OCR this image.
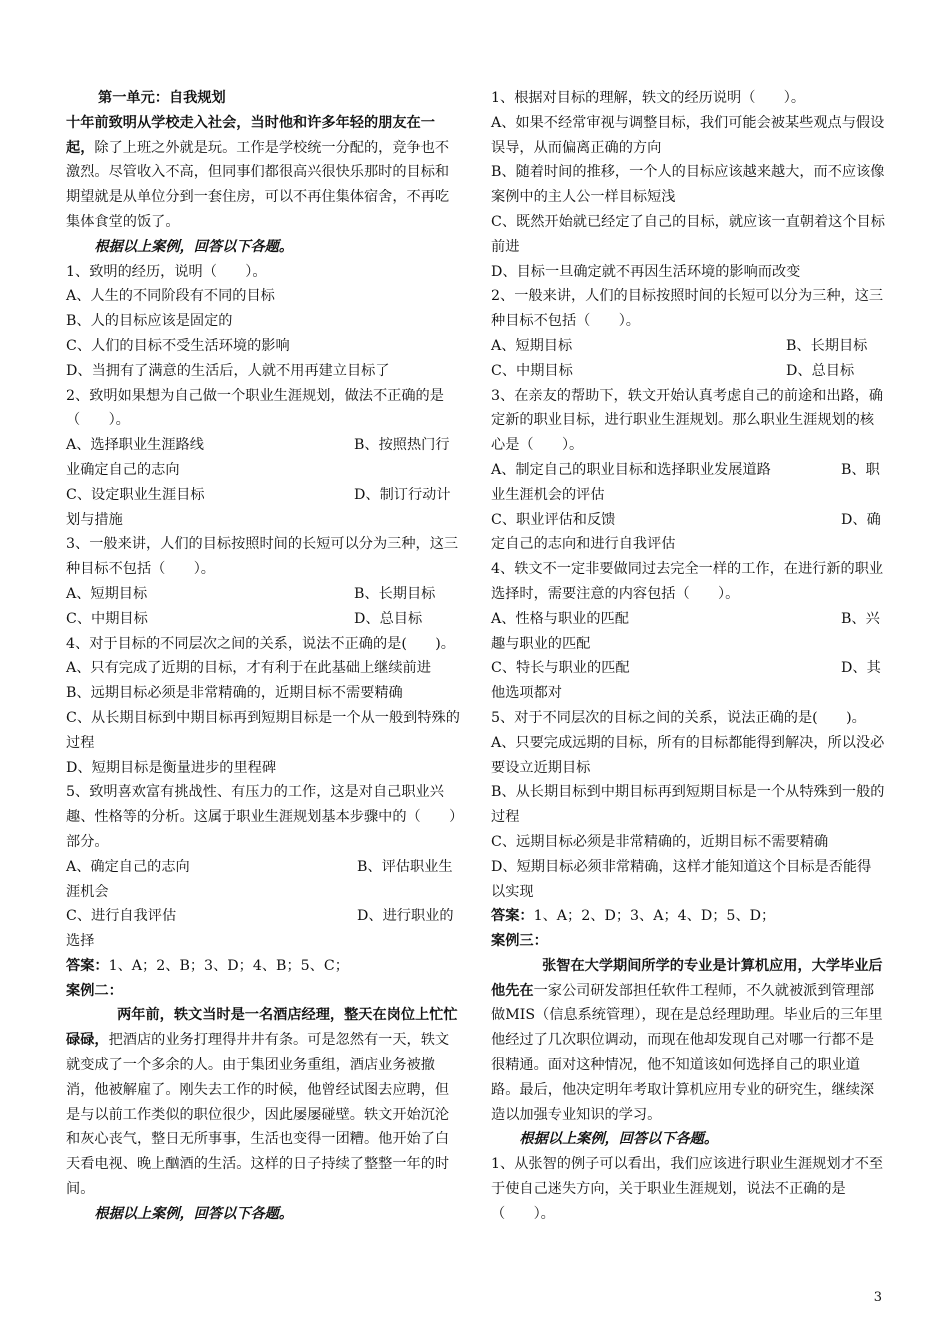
第一单元：自我规划

十年前致明从学校走入社会，当时他和许多年轻的朋友在一起，除了上班之外就是玩。工作是学校统一分配的，竞争也不激烈。尽管收入不高，但同事们都很高兴很快乐那时的目标和期望就是从单位分到一套住房，可以不再住集体宿舍，不再吃集体食堂的饭了。

根据以上案例，回答以下各题。

1、致明的经历，说明（　　）。

A、人生的不同阶段有不同的目标

B、人的目标应该是固定的

C、人们的目标不受生活环境的影响

D、当拥有了满意的生活后，人就不用再建立目标了

2、致明如果想为自己做一个职业生涯规划，做法不正确的是（　　）。

A、选择职业生涯路线	B、按照热门行业确定自己的志向

C、设定职业生涯目标	D、制订行动计划与措施

3、一般来讲，人们的目标按照时间的长短可以分为三种，这三种目标不包括（　　）。

A、短期目标	B、长期目标
C、中期目标	D、总目标

4、对于目标的不同层次之间的关系，说法不正确的是(　　)。

A、只有完成了近期的目标，才有利于在此基础上继续前进

B、远期目标必须是非常精确的，近期目标不需要精确

C、从长期目标到中期目标再到短期目标是一个从一般到特殊的过程

D、短期目标是衡量进步的里程碑

5、致明喜欢富有挑战性、有压力的工作，这是对自己职业兴趣、性格等的分析。这属于职业生涯规划基本步骤中的（　　）部分。

A、确定自己的志向	B、评估职业生涯机会

C、进行自我评估	D、进行职业的选择

答案：1、A；2、B；3、D；4、B；5、C；

案例二：

两年前，轶文当时是一名酒店经理，整天在岗位上忙忙碌碌，把酒店的业务打理得井井有条。可是忽然有一天，轶文就变成了一个多余的人。由于集团业务重组，酒店业务被撤消，他被解雇了。刚失去工作的时候，他曾经试图去应聘，但是与以前工作类似的职位很少，因此屡屡碰壁。轶文开始沉沦和灰心丧气，整日无所事事，生活也变得一团糟。他开始了白天看电视、晚上酗酒的生活。这样的日子持续了整整一年的时间。

根据以上案例，回答以下各题。

1、根据对目标的理解，轶文的经历说明（　　）。

A、如果不经常审视与调整目标，我们可能会被某些观点与假设误导，从而偏离正确的方向

B、随着时间的推移，一个人的目标应该越来越大，而不应该像案例中的主人公一样目标短浅

C、既然开始就已经定了自己的目标，就应该一直朝着这个目标前进

D、目标一旦确定就不再因生活环境的影响而改变

2、一般来讲，人们的目标按照时间的长短可以分为三种，这三种目标不包括（　　）。

A、短期目标	B、长期目标
C、中期目标	D、总目标

3、在亲友的帮助下，轶文开始认真考虑自己的前途和出路，确定新的职业目标，进行职业生涯规划。那么职业生涯规划的核心是（　　）。

A、制定自己的职业目标和选择职业发展道路	B、职业生涯机会的评估

C、职业评估和反馈	D、确定自己的志向和进行自我评估

4、轶文不一定非要做同过去完全一样的工作，在进行新的职业选择时，需要注意的内容包括（　　）。

A、性格与职业的匹配	B、兴趣与职业的匹配

C、特长与职业的匹配	D、其他选项都对

5、对于不同层次的目标之间的关系，说法正确的是(　　)。

A、只要完成远期的目标，所有的目标都能得到解决，所以没必要设立近期目标

B、从长期目标到中期目标再到短期目标是一个从特殊到一般的过程

C、远期目标必须是非常精确的，近期目标不需要精确

D、短期目标必须非常精确，这样才能知道这个目标是否能得以实现

答案：1、A；2、D；3、A；4、D；5、D；

案例三：

张智在大学期间所学的专业是计算机应用，大学毕业后他先在一家公司研发部担任软件工程师，不久就被派到管理部做MIS（信息系统管理），现在是总经理助理。毕业后的三年里他经过了几次职位调动，而现在他却发现自己对哪一行都不是很精通。面对这种情况，他不知道该如何选择自己的职业道路。最后，他决定明年考取计算机应用专业的研究生，继续深造以加强专业知识的学习。

根据以上案例，回答以下各题。

1、从张智的例子可以看出，我们应该进行职业生涯规划才不至于使自己迷失方向，关于职业生涯规划，说法不正确的是（　　）。

3
